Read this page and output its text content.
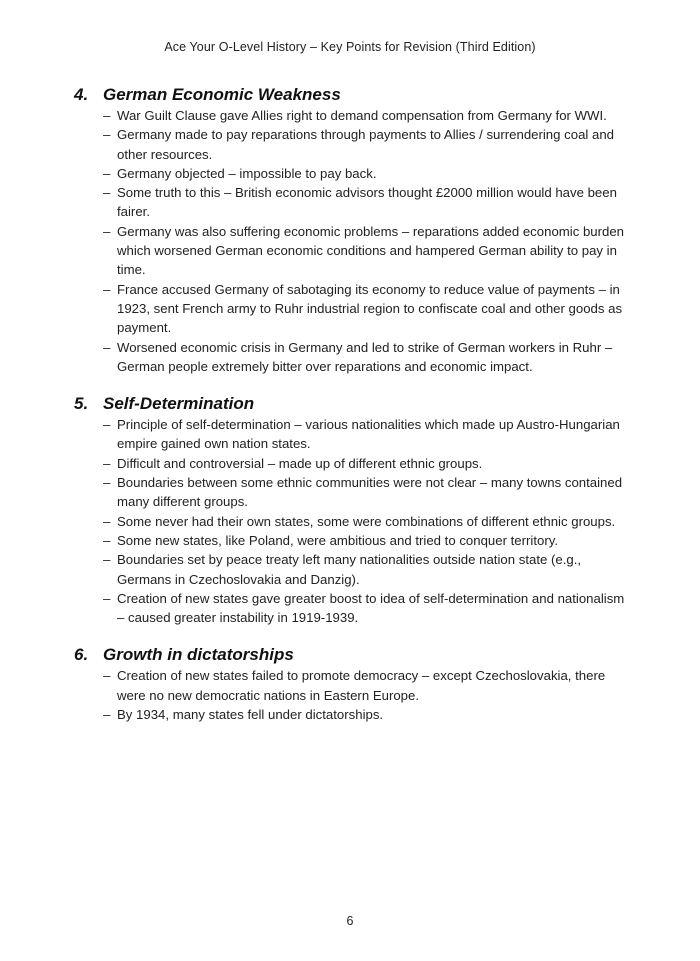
Ace Your O-Level History – Key Points for Revision (Third Edition)
4. German Economic Weakness
– War Guilt Clause gave Allies right to demand compensation from Germany for WWI.
– Germany made to pay reparations through payments to Allies / surrendering coal and other resources.
– Germany objected – impossible to pay back.
– Some truth to this – British economic advisors thought £2000 million would have been fairer.
– Germany was also suffering economic problems – reparations added economic burden which worsened German economic conditions and hampered German ability to pay in time.
– France accused Germany of sabotaging its economy to reduce value of payments – in 1923, sent French army to Ruhr industrial region to confiscate coal and other goods as payment.
– Worsened economic crisis in Germany and led to strike of German workers in Ruhr – German people extremely bitter over reparations and economic impact.
5. Self-Determination
– Principle of self-determination – various nationalities which made up Austro-Hungarian empire gained own nation states.
– Difficult and controversial – made up of different ethnic groups.
– Boundaries between some ethnic communities were not clear – many towns contained many different groups.
– Some never had their own states, some were combinations of different ethnic groups.
– Some new states, like Poland, were ambitious and tried to conquer territory.
– Boundaries set by peace treaty left many nationalities outside nation state (e.g., Germans in Czechoslovakia and Danzig).
– Creation of new states gave greater boost to idea of self-determination and nationalism – caused greater instability in 1919-1939.
6. Growth in dictatorships
– Creation of new states failed to promote democracy – except Czechoslovakia, there were no new democratic nations in Eastern Europe.
– By 1934, many states fell under dictatorships.
6
